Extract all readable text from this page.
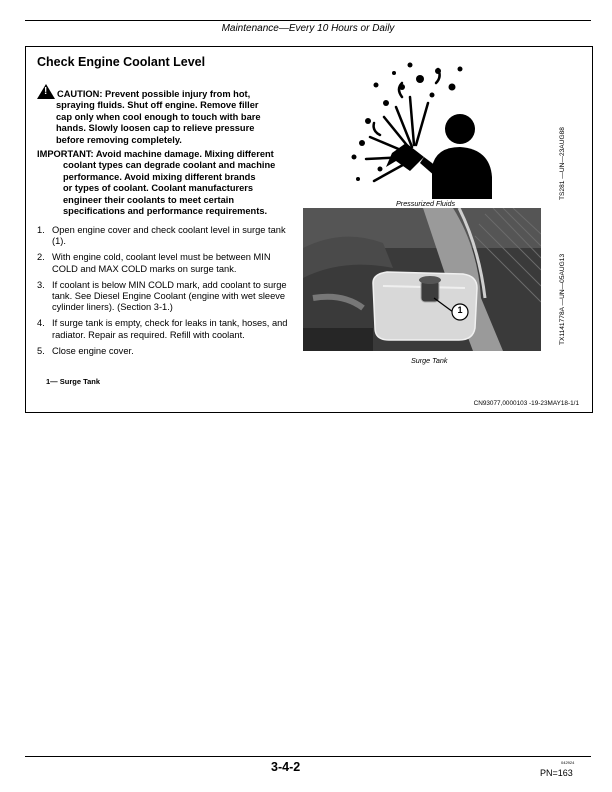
Maintenance—Every 10 Hours or Daily
Check Engine Coolant Level
!CAUTION: Prevent possible injury from hot,
spraying fluids. Shut off engine. Remove filler
cap only when cool enough to touch with bare
hands. Slowly loosen cap to relieve pressure
before removing completely.
IMPORTANT: Avoid machine damage. Mixing different
coolant types can degrade coolant and machine
performance. Avoid mixing different brands
or types of coolant. Coolant manufacturers
engineer their coolants to meet certain
specifications and performance requirements.
1. Open engine cover and check coolant level in surge tank (1).
2. With engine cold, coolant level must be between MIN COLD and MAX COLD marks on surge tank.
3. If coolant is below MIN COLD mark, add coolant to surge tank. See Diesel Engine Coolant (engine with wet sleeve cylinder liners). (Section 3-1.)
4. If surge tank is empty, check for leaks in tank, hoses, and radiator. Repair as required. Refill with coolant.
5. Close engine cover.
1— Surge Tank
CN93077,0000103 -19-23MAY18-1/1
Pressurized Fluids
TS281 —UN—23AUG88
1
Surge Tank
TX1141778A —UN—05AUG13
3-4-2	042924
PN=163
